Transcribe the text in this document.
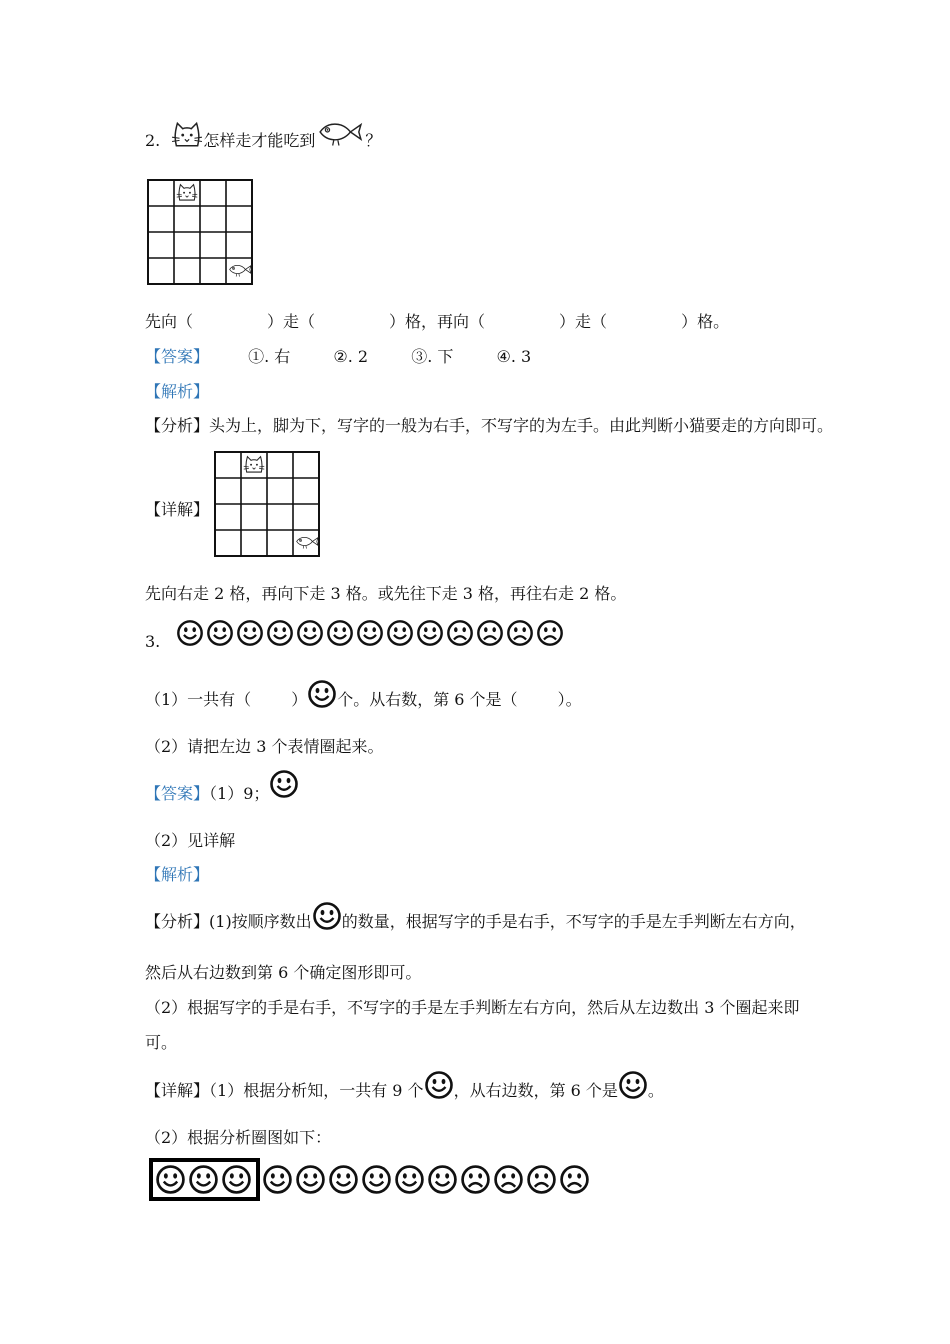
2.	怎样走才能吃到	？
先向（	）走（	）格，再向（	）走（	）格。
【答案】 ①. 右	②. 2	③. 下	④. 3
【解析】
【分析】头为上，脚为下，写字的一般为右手，不写字的为左手。由此判断小猫要走的方向即可。
【详解】
先向右走 2 格，再向下走 3 格。或先往下走 3 格，再往右走 2 格。
3.
（1）一共有（	） 个。从右数，第 6 个是（	）。
（2）请把左边 3 个表情圈起来。
【答案】（1）9；
（2）见详解
【解析】
【分析】(1)按顺序数出 的数量，根据写字的手是右手，不写字的手是左手判断左右方向，
然后从右边数到第 6 个确定图形即可。
（2）根据写字的手是右手，不写字的手是左手判断左右方向，然后从左边数出 3 个圈起来即
可。
【详解】（1）根据分析知，一共有 9 个 ，从右边数，第 6 个是 。
（2）根据分析圈图如下：
